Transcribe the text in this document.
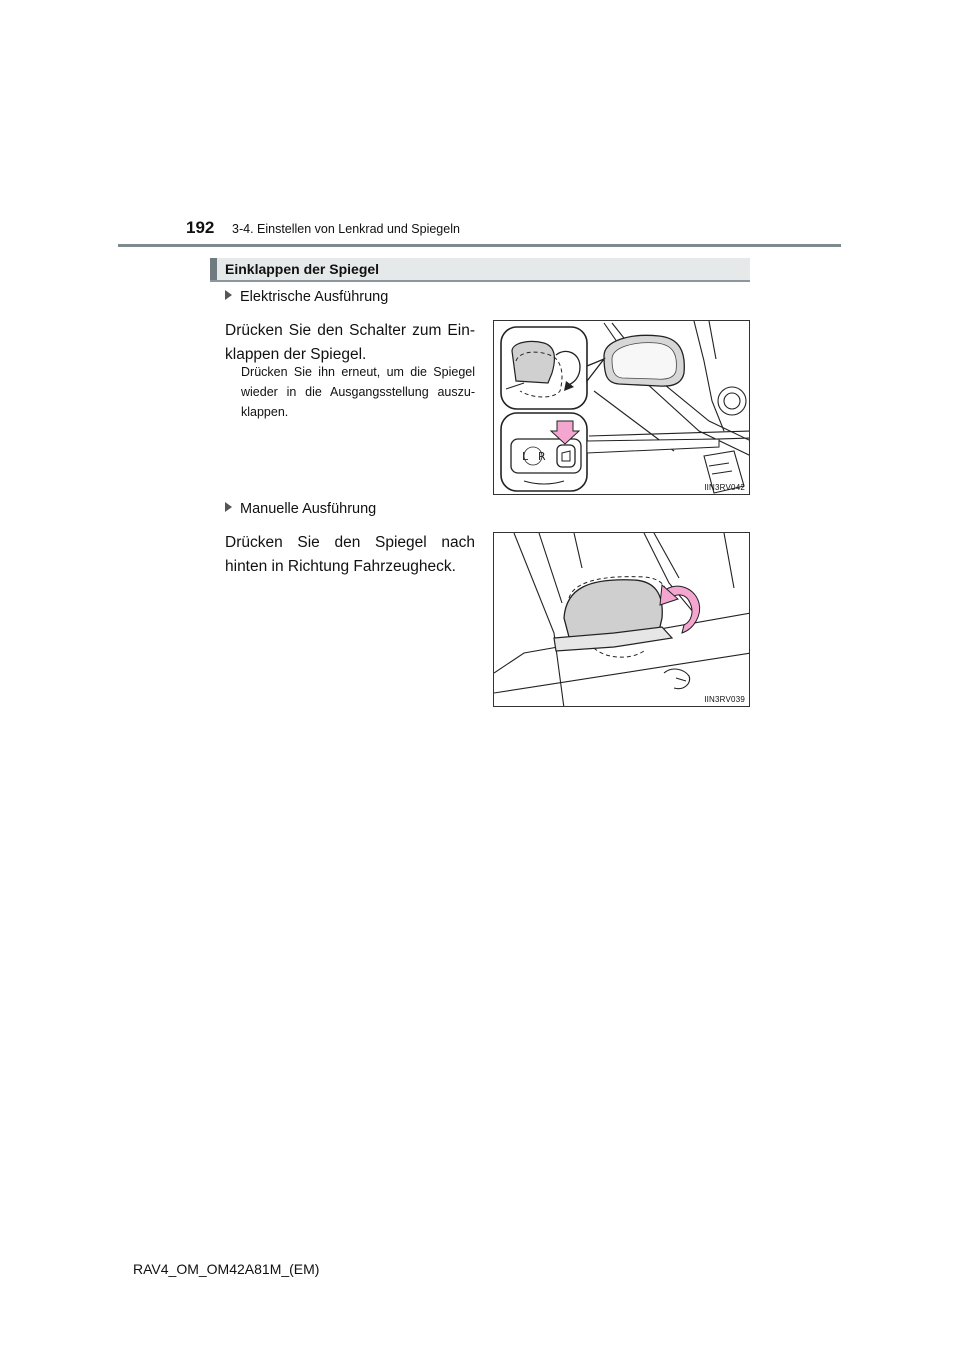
192 3-4. Einstellen von Lenkrad und Spiegeln
Einklappen der Spiegel
Elektrische Ausführung
Drücken Sie den Schalter zum Ein-klappen der Spiegel.
Drücken Sie ihn erneut, um die Spiegel wieder in die Ausgangsstellung auszu-klappen.
L R
IIN3RV042
Manuelle Ausführung
Drücken Sie den Spiegel nach hinten in Richtung Fahrzeugheck.
IIN3RV039
RAV4_OM_OM42A81M_(EM)
